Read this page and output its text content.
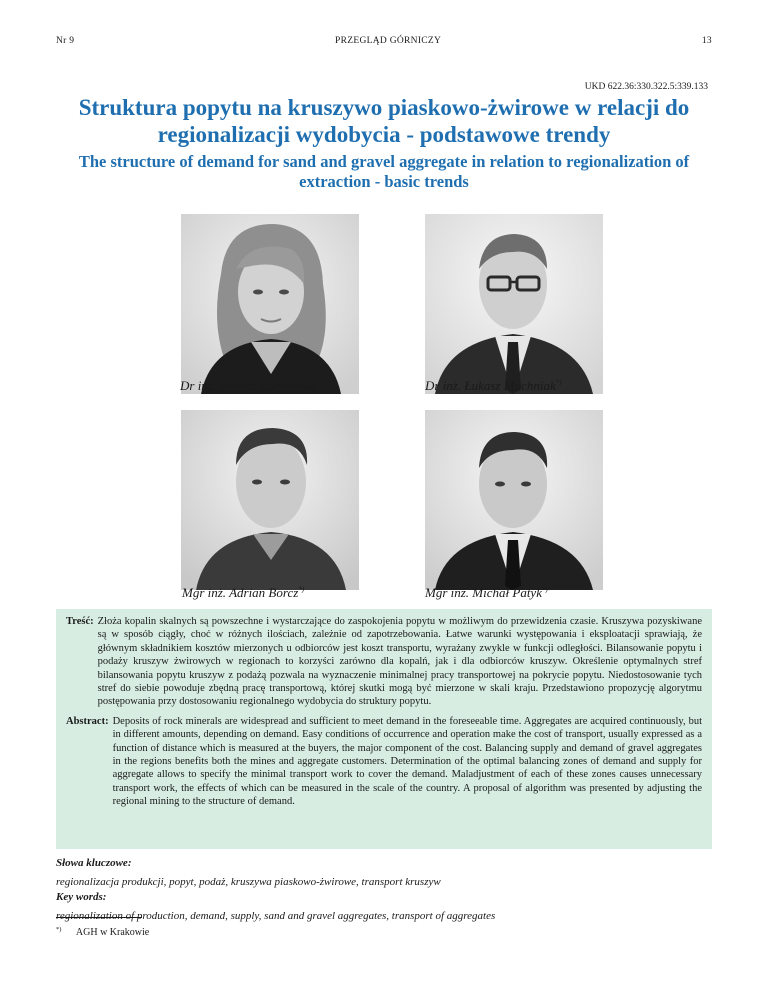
Nr 9	PRZEGLĄD GÓRNICZY	13
UKD 622.36:330.322.5:339.133
Struktura popytu na kruszywo piaskowo-żwirowe w relacji do regionalizacji wydobycia - podstawowe trendy
The structure of demand for sand and gravel aggregate in relation to regionalization of extraction - basic trends
Dr inż. Dorota Łochańska*)	Dr inż. Łukasz Machniak*)
Mgr inż. Adrian Borcz*)	Mgr inż. Michał Patyk*)
Treść: Złoża kopalin skalnych są powszechne i wystarczające do zaspokojenia popytu w możliwym do przewidzenia czasie. Kruszywa pozyskiwane są w sposób ciągły, choć w różnych ilościach, zależnie od zapotrzebowania. Łatwe warunki występowania i eksploatacji sprawiają, że głównym składnikiem kosztów mierzonych u odbiorców jest koszt transportu, wyrażany zwykle w funkcji odległości. Bilansowanie popytu i podaży kruszyw żwirowych w regionach to korzyści zarówno dla kopalń, jak i dla odbiorców kruszyw. Określenie optymalnych stref bilansowania popytu kruszyw z podażą pozwala na wyznaczenie minimalnej pracy transportowej na pokrycie popytu. Niedostosowanie tych stref do siebie powoduje zbędną pracę transportową, której skutki mogą być mierzone w skali kraju. Przedstawiono propozycję algorytmu postępowania przy dostosowaniu regionalnego wydobycia do struktury popytu.
Abstract: Deposits of rock minerals are widespread and sufficient to meet demand in the foreseeable time. Aggregates are acquired continuously, but in different amounts, depending on demand. Easy conditions of occurrence and operation make the cost of transport, usually expressed as a function of distance which is measured at the buyers, the major component of the cost. Balancing supply and demand of gravel aggregates in the regions benefits both the mines and aggregate customers. Determination of the optimal balancing zones of demand and supply for aggregate allows to specify the minimal transport work to cover the demand. Maladjustment of each of these zones causes unnecessary transport work, the effects of which can be measured in the scale of the country. A proposal of algorithm was presented by adjusting the regional mining to the structure of demand.
Słowa kluczowe:
regionalizacja produkcji, popyt, podaż, kruszywa piaskowo-żwirowe, transport kruszyw
Key words:
regionalization of production, demand, supply, sand and gravel aggregates, transport of aggregates
*) AGH w Krakowie
